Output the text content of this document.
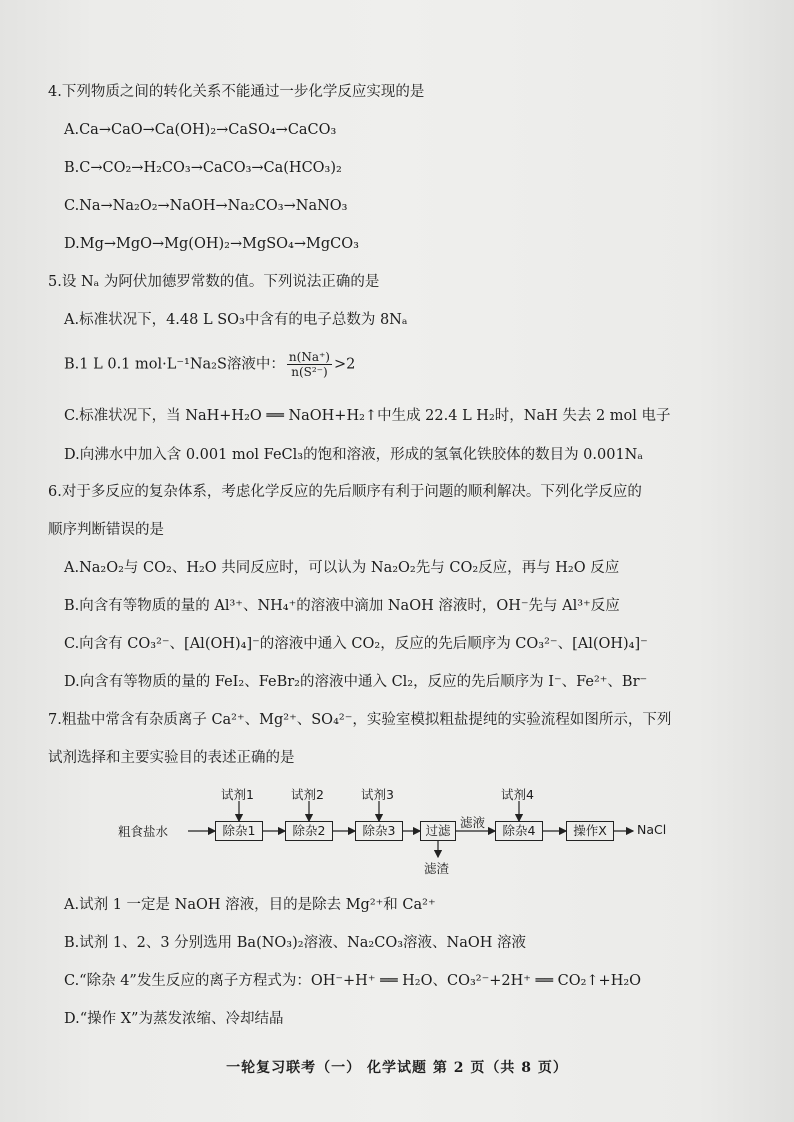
4.下列物质之间的转化关系不能通过一步化学反应实现的是
A.Ca→CaO→Ca(OH)₂→CaSO₄→CaCO₃
B.C→CO₂→H₂CO₃→CaCO₃→Ca(HCO₃)₂
C.Na→Na₂O₂→NaOH→Na₂CO₃→NaNO₃
D.Mg→MgO→Mg(OH)₂→MgSO₄→MgCO₃
5.设 Nₐ 为阿伏加德罗常数的值。下列说法正确的是
A.标准状况下，4.48 L SO₃中含有的电子总数为 8Nₐ
B.1 L 0.1 mol·L⁻¹Na₂S溶液中： $\frac{n(Na^+)}{\text{n(S²⁻)}} >2$
C.标准状况下，当 NaH+H₂O ══ NaOH+H₂↑中生成 22.4 L H₂时，NaH 失去 2 mol 电子
D.向沸水中加入含 0.001 mol FeCl₃的饱和溶液，形成的氢氧化铁胶体的数目为 0.001Nₐ
6.对于多反应的复杂体系，考虑化学反应的先后顺序有利于问题的顺利解决。下列化学反应的
顺序判断错误的是
A.Na₂O₂与 CO₂、H₂O 共同反应时，可以认为 Na₂O₂先与 CO₂反应，再与 H₂O 反应
B.向含有等物质的量的 Al³⁺、NH₄⁺的溶液中滴加 NaOH 溶液时，OH⁻先与 Al³⁺反应
C.向含有 CO₃²⁻、[Al(OH)₄]⁻的溶液中通入 CO₂，反应的先后顺序为 CO₃²⁻、[Al(OH)₄]⁻
D.向含有等物质的量的 FeI₂、FeBr₂的溶液中通入 Cl₂，反应的先后顺序为 I⁻、Fe²⁺、Br⁻
7.粗盐中常含有杂质离子 Ca²⁺、Mg²⁺、SO₄²⁻，实验室模拟粗盐提纯的实验流程如图所示，下列
试剂选择和主要实验目的表述正确的是
粗食盐水
试剂1	试剂2	试剂3	试剂4
除杂1	除杂2	除杂3	过滤
滤液
滤渣
除杂4	操作X	NaCl
A.试剂 1 一定是 NaOH 溶液，目的是除去 Mg²⁺和 Ca²⁺
B.试剂 1、2、3 分别选用 Ba(NO₃)₂溶液、Na₂CO₃溶液、NaOH 溶液
C.“除杂 4”发生反应的离子方程式为：OH⁻+H⁺ ══ H₂O、CO₃²⁻+2H⁺ ══ CO₂↑+H₂O
D.“操作 X”为蒸发浓缩、冷却结晶
一轮复习联考（一） 化学试题 第 2 页（共 8 页）
